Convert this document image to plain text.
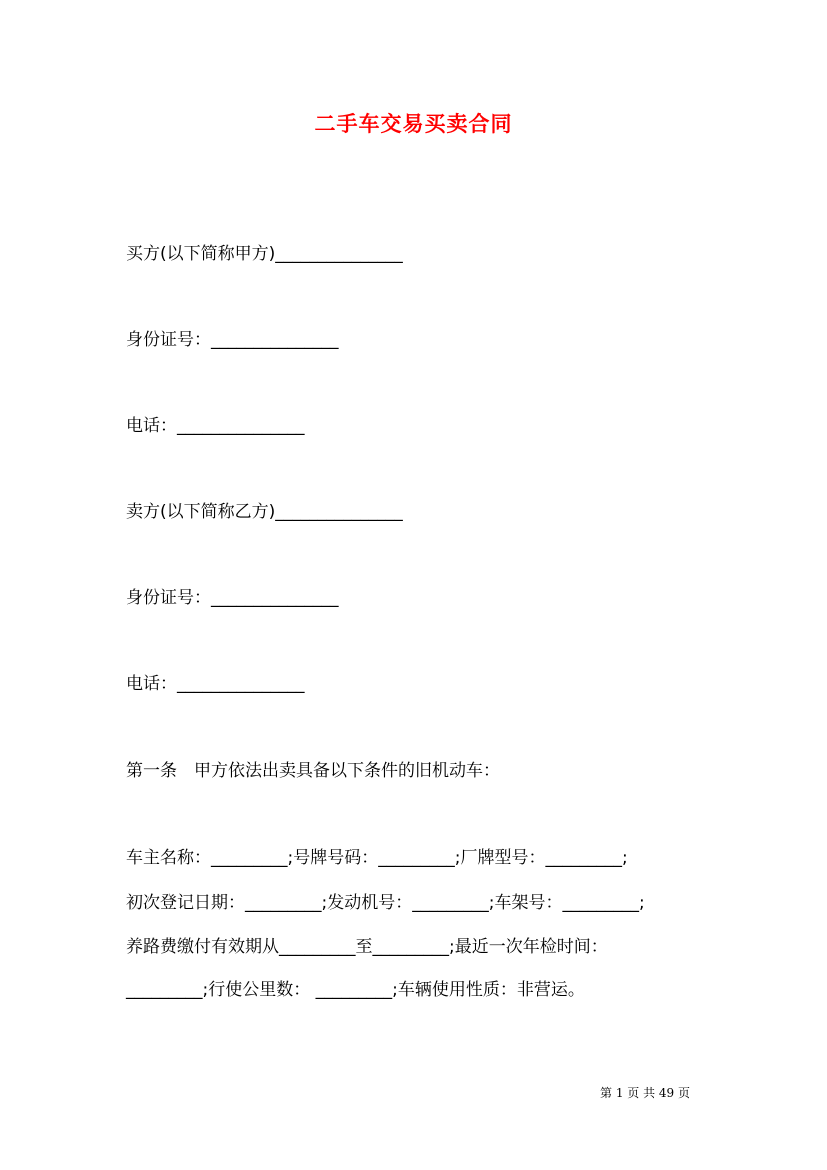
二手车交易买卖合同
买方(以下简称甲方)_______________
身份证号：_______________
电话：_______________
卖方(以下简称乙方)_______________
身份证号：_______________
电话：_______________
第一条　甲方依法出卖具备以下条件的旧机动车：
车主名称：_________;号牌号码：_________;厂牌型号：_________;
初次登记日期：_________;发动机号：_________;车架号：_________;
养路费缴付有效期从_________至_________;最近一次年检时间：
_________;行使公里数： _________;车辆使用性质：非营运。
第 1 页 共 49 页
